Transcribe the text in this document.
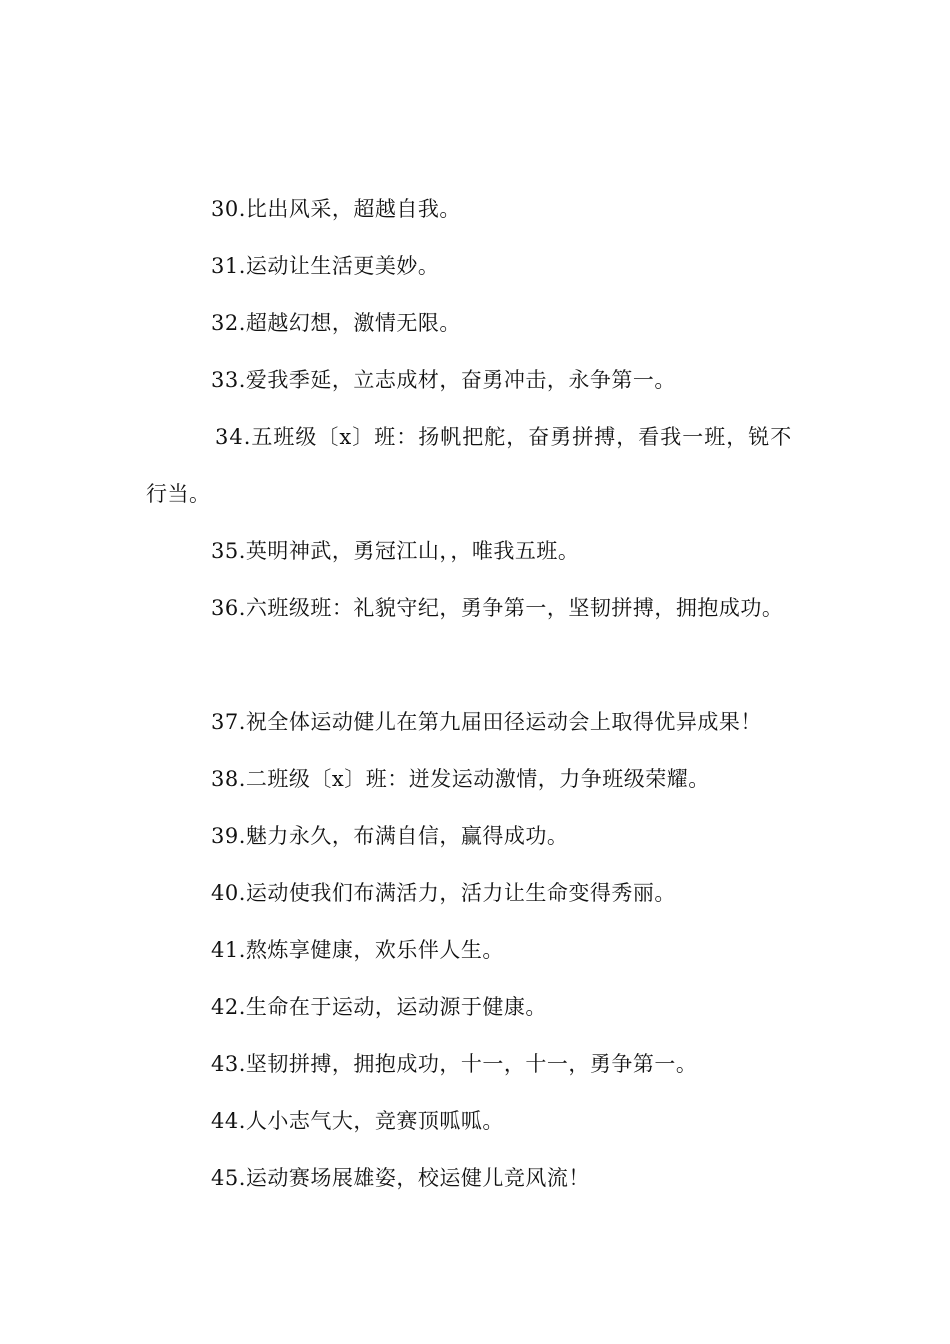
30.比出风采，超越自我。
31.运动让生活更美妙。
32.超越幻想，激情无限。
33.爱我季延，立志成材，奋勇冲击，永争第一。
34.五班级〔x〕班：扬帆把舵，奋勇拼搏，看我一班，锐不
行当。
35.英明神武，勇冠江山，，唯我五班。
36.六班级班：礼貌守纪，勇争第一，坚韧拼搏，拥抱成功。
37.祝全体运动健儿在第九届田径运动会上取得优异成果！
38.二班级〔x〕班：迸发运动激情，力争班级荣耀。
39.魅力永久，布满自信，赢得成功。
40.运动使我们布满活力，活力让生命变得秀丽。
41.熬炼享健康，欢乐伴人生。
42.生命在于运动，运动源于健康。
43.坚韧拼搏，拥抱成功，十一，十一，勇争第一。
44.人小志气大，竞赛顶呱呱。
45.运动赛场展雄姿，校运健儿竞风流！
